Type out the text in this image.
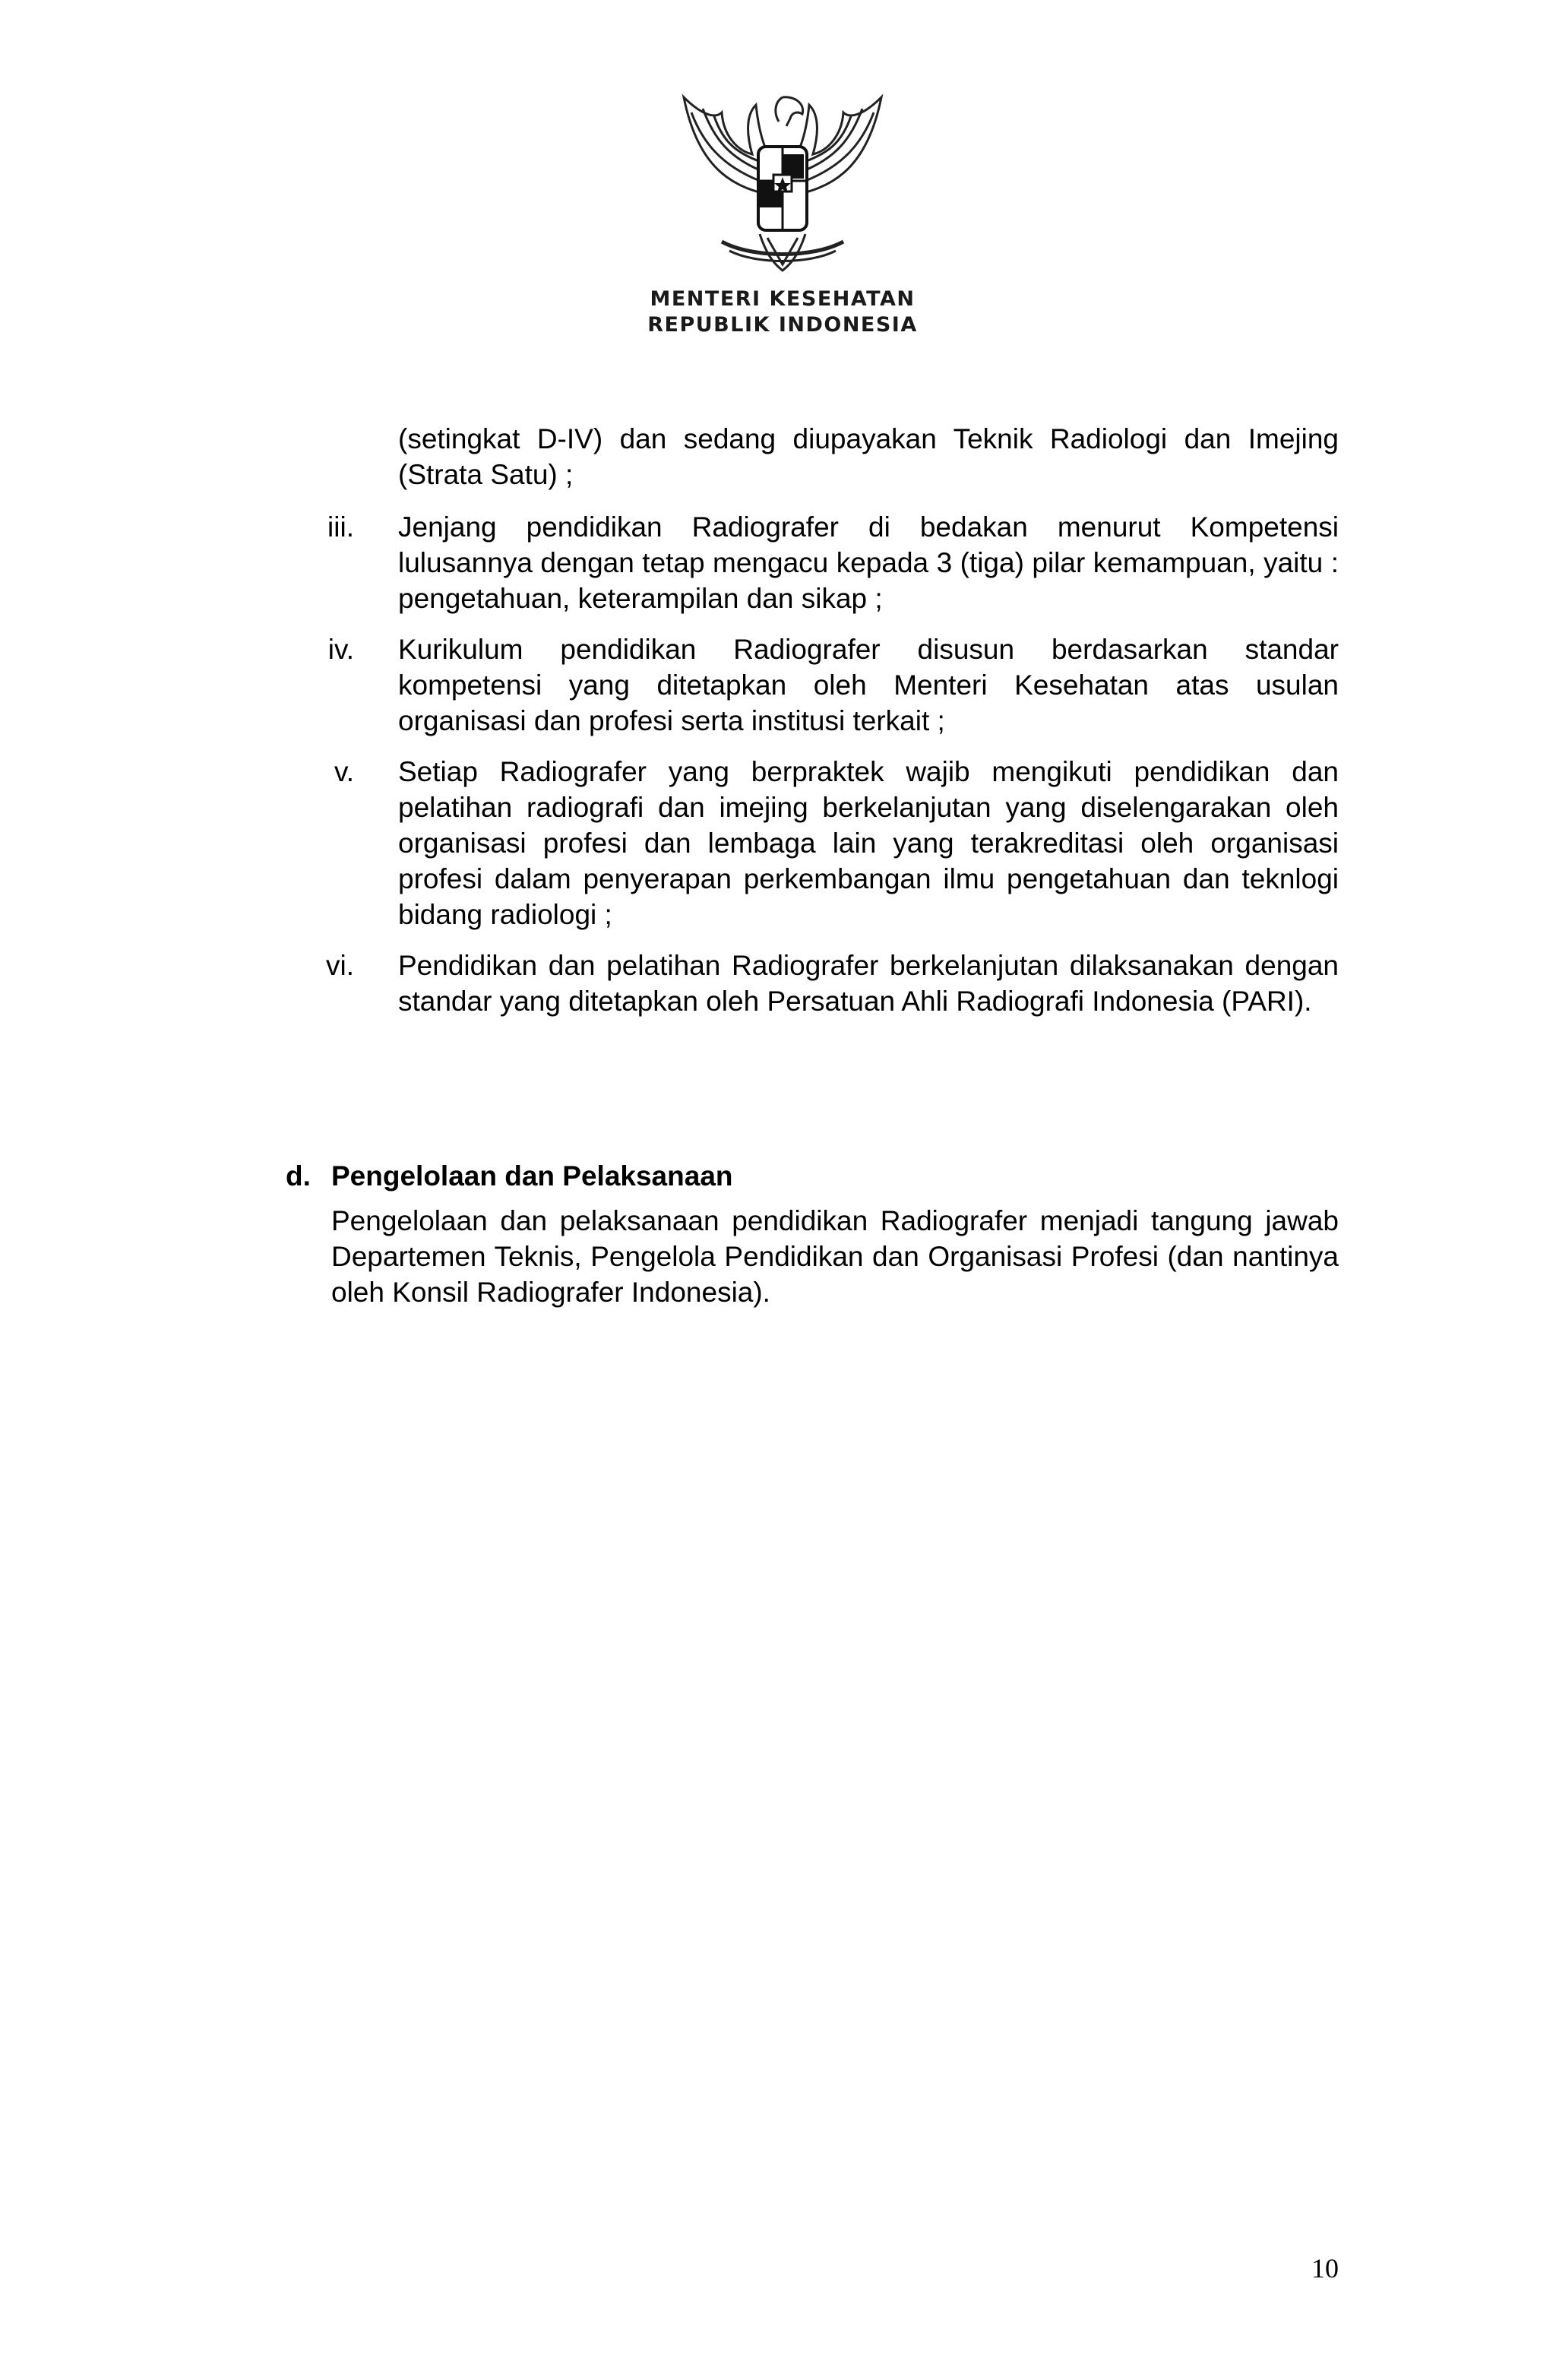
MENTERI KESEHATAN
REPUBLIK INDONESIA
(setingkat D-IV) dan sedang diupayakan Teknik Radiologi dan Imejing (Strata Satu) ;
iii. Jenjang pendidikan Radiografer di bedakan menurut Kompetensi lulusannya dengan tetap mengacu kepada 3 (tiga) pilar kemampuan, yaitu : pengetahuan, keterampilan dan sikap ;
iv. Kurikulum pendidikan Radiografer disusun berdasarkan standar kompetensi yang ditetapkan oleh Menteri Kesehatan atas usulan organisasi dan profesi serta institusi terkait ;
v. Setiap Radiografer yang berpraktek wajib mengikuti pendidikan dan pelatihan radiografi dan imejing berkelanjutan yang diselengarakan oleh organisasi profesi dan lembaga lain yang terakreditasi oleh organisasi profesi dalam penyerapan perkembangan ilmu pengetahuan dan teknlogi bidang radiologi ;
vi. Pendidikan dan pelatihan Radiografer berkelanjutan dilaksanakan dengan standar yang ditetapkan oleh Persatuan Ahli Radiografi Indonesia (PARI).
d. Pengelolaan dan Pelaksanaan
Pengelolaan dan pelaksanaan pendidikan Radiografer menjadi tangung jawab Departemen Teknis, Pengelola Pendidikan dan Organisasi Profesi (dan nantinya oleh Konsil Radiografer Indonesia).
10
